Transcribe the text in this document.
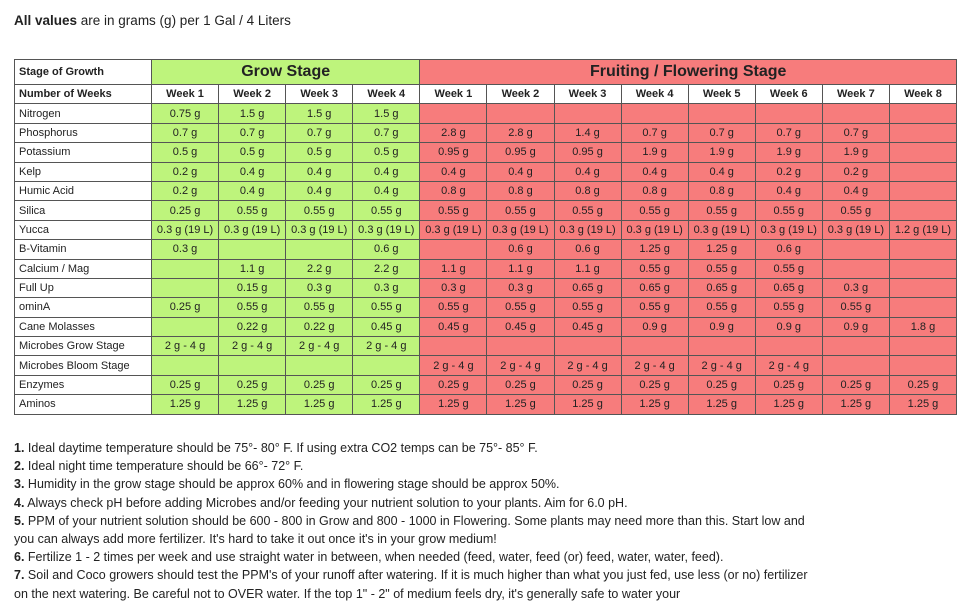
All values are in grams (g) per 1 Gal / 4 Liters
Stage of Growth	Grow Stage				Fruiting / Flowering Stage							
Number of Weeks	Week 1	Week 2	Week 3	Week 4	Week 1	Week 2	Week 3	Week 4	Week 5	Week 6	Week 7	Week 8
Nitrogen	0.75 g	1.5 g	1.5 g	1.5 g								
Phosphorus	0.7 g	0.7 g	0.7 g	0.7 g	2.8 g	2.8 g	1.4 g	0.7 g	0.7 g	0.7 g	0.7 g	
Potassium	0.5 g	0.5 g	0.5 g	0.5 g	0.95 g	0.95 g	0.95 g	1.9 g	1.9 g	1.9 g	1.9 g	
Kelp	0.2 g	0.4 g	0.4 g	0.4 g	0.4 g	0.4 g	0.4 g	0.4 g	0.4 g	0.2 g	0.2 g	
Humic Acid	0.2 g	0.4 g	0.4 g	0.4 g	0.8 g	0.8 g	0.8 g	0.8 g	0.8 g	0.4 g	0.4 g	
Silica	0.25 g	0.55 g	0.55 g	0.55 g	0.55 g	0.55 g	0.55 g	0.55 g	0.55 g	0.55 g	0.55 g	
Yucca	0.3 g (19 L)	0.3 g (19 L)	0.3 g (19 L)	0.3 g (19 L)	0.3 g (19 L)	0.3 g (19 L)	0.3 g (19 L)	0.3 g (19 L)	0.3 g (19 L)	0.3 g (19 L)	0.3 g (19 L)	1.2 g (19 L)
B-Vitamin	0.3 g			0.6 g		0.6 g	0.6 g	1.25 g	1.25 g	0.6 g		
Calcium / Mag		1.1 g	2.2 g	2.2 g	1.1 g	1.1 g	1.1 g	0.55 g	0.55 g	0.55 g		
Full Up		0.15 g	0.3 g	0.3 g	0.3 g	0.3 g	0.65 g	0.65 g	0.65 g	0.65 g	0.3 g	
ominA	0.25 g	0.55 g	0.55 g	0.55 g	0.55 g	0.55 g	0.55 g	0.55 g	0.55 g	0.55 g	0.55 g	
Cane Molasses		0.22 g	0.22 g	0.45 g	0.45 g	0.45 g	0.45 g	0.9 g	0.9 g	0.9 g	0.9 g	1.8 g
Microbes Grow Stage	2 g - 4 g	2 g - 4 g	2 g - 4 g	2 g - 4 g								
Microbes Bloom Stage					2 g - 4 g	2 g - 4 g	2 g - 4 g	2 g - 4 g	2 g - 4 g	2 g - 4 g		
Enzymes	0.25 g	0.25 g	0.25 g	0.25 g	0.25 g	0.25 g	0.25 g	0.25 g	0.25 g	0.25 g	0.25 g	0.25 g
Aminos	1.25 g	1.25 g	1.25 g	1.25 g	1.25 g	1.25 g	1.25 g	1.25 g	1.25 g	1.25 g	1.25 g	1.25 g
1. Ideal daytime temperature should be 75°- 80° F. If using extra CO2 temps can be 75°- 85° F.
2. Ideal night time temperature should be 66°- 72° F.
3. Humidity in the grow stage should be approx 60% and in flowering stage should be approx 50%.
4. Always check pH before adding Microbes and/or feeding your nutrient solution to your plants. Aim for 6.0 pH.
5. PPM of your nutrient solution should be 600 - 800 in Grow and 800 - 1000 in Flowering. Some plants may need more than this. Start low and you can always add more fertilizer. It's hard to take it out once it's in your grow medium!
6. Fertilize 1 - 2 times per week and use straight water in between, when needed (feed, water, feed (or) feed, water, water, feed).
7. Soil and Coco growers should test the PPM's of your runoff after watering. If it is much higher than what you just fed, use less (or no) fertilizer on the next watering. Be careful not to OVER water. If the top 1" - 2" of medium feels dry, it's generally safe to water your
